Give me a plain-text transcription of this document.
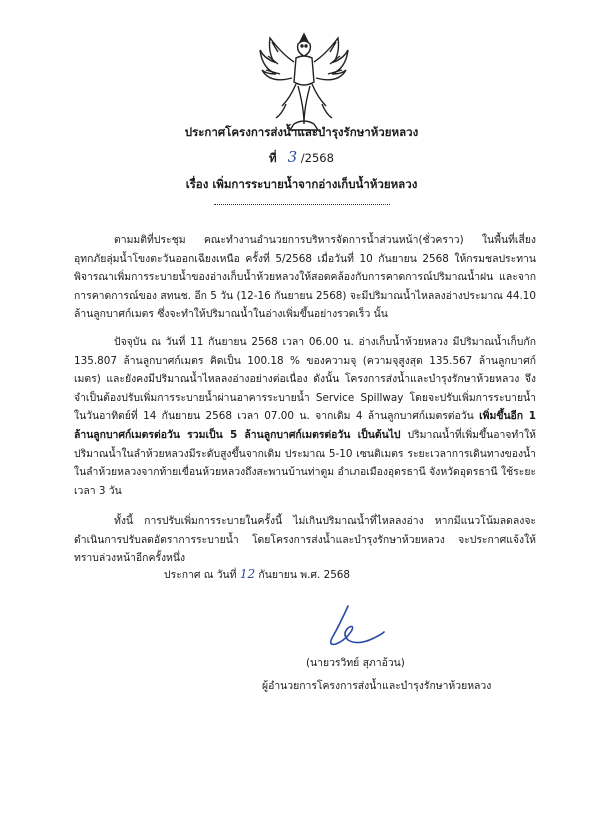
ประกาศโครงการส่งน้ำและบำรุงรักษาห้วยหลวง
ที่ 3 /2568
เรื่อง เพิ่มการระบายน้ำจากอ่างเก็บน้ำห้วยหลวง

ตามมติที่ประชุม คณะทำงานอำนวยการบริหารจัดการน้ำส่วนหน้า(ชั่วคราว) ในพื้นที่เสี่ยงอุทกภัยลุ่มน้ำโขงตะวันออกเฉียงเหนือ ครั้งที่ 5/2568 เมื่อวันที่ 10 กันยายน 2568 ให้กรมชลประทานพิจารณาเพิ่มการระบายน้ำของอ่างเก็บน้ำห้วยหลวงให้สอดคล้องกับการคาดการณ์ปริมาณน้ำฝน และจากการคาดการณ์ของ สทนช. อีก 5 วัน (12-16 กันยายน 2568) จะมีปริมาณน้ำไหลลงอ่างประมาณ 44.10 ล้านลูกบาศก์เมตร ซึ่งจะทำให้ปริมาณน้ำในอ่างเพิ่มขึ้นอย่างรวดเร็ว นั้น

ปัจจุบัน ณ วันที่ 11 กันยายน 2568 เวลา 06.00 น. อ่างเก็บน้ำห้วยหลวง มีปริมาณน้ำเก็บกัก 135.807 ล้านลูกบาศก์เมตร คิดเป็น 100.18 % ของความจุ (ความจุสูงสุด 135.567 ล้านลูกบาศก์เมตร) และยังคงมีปริมาณน้ำไหลลงอ่างอย่างต่อเนื่อง ดังนั้น โครงการส่งน้ำและบำรุงรักษาห้วยหลวง จึงจำเป็นต้องปรับเพิ่มการระบายน้ำผ่านอาคารระบายน้ำ Service Spillway โดยจะปรับเพิ่มการระบายน้ำ ในวันอาทิตย์ที่ 14 กันยายน 2568 เวลา 07.00 น. จากเดิม 4 ล้านลูกบาศก์เมตรต่อวัน เพิ่มขึ้นอีก 1 ล้านลูกบาศก์เมตรต่อวัน รวมเป็น 5 ล้านลูกบาศก์เมตรต่อวัน เป็นต้นไป ปริมาณน้ำที่เพิ่มขึ้นอาจทำให้ปริมาณน้ำในลำห้วยหลวงมีระดับสูงขึ้นจากเดิม ประมาณ 5-10 เซนติเมตร ระยะเวลาการเดินทางของน้ำในลำห้วยหลวงจากท้ายเขื่อนห้วยหลวงถึงสะพานบ้านท่าตูม อำเภอเมืองอุดรธานี จังหวัดอุดรธานี ใช้ระยะเวลา 3 วัน

ทั้งนี้ การปรับเพิ่มการระบายในครั้งนี้ ไม่เกินปริมาณน้ำที่ไหลลงอ่าง หากมีแนวโน้มลดลงจะดำเนินการปรับลดอัตราการระบายน้ำ โดยโครงการส่งน้ำและบำรุงรักษาห้วยหลวง จะประกาศแจ้งให้ทราบล่วงหน้าอีกครั้งหนึ่ง

ประกาศ ณ วันที่ 12 กันยายน พ.ศ. 2568
(นายวรวิทย์ สุภาอ้วน)
ผู้อำนวยการโครงการส่งน้ำและบำรุงรักษาห้วยหลวง
